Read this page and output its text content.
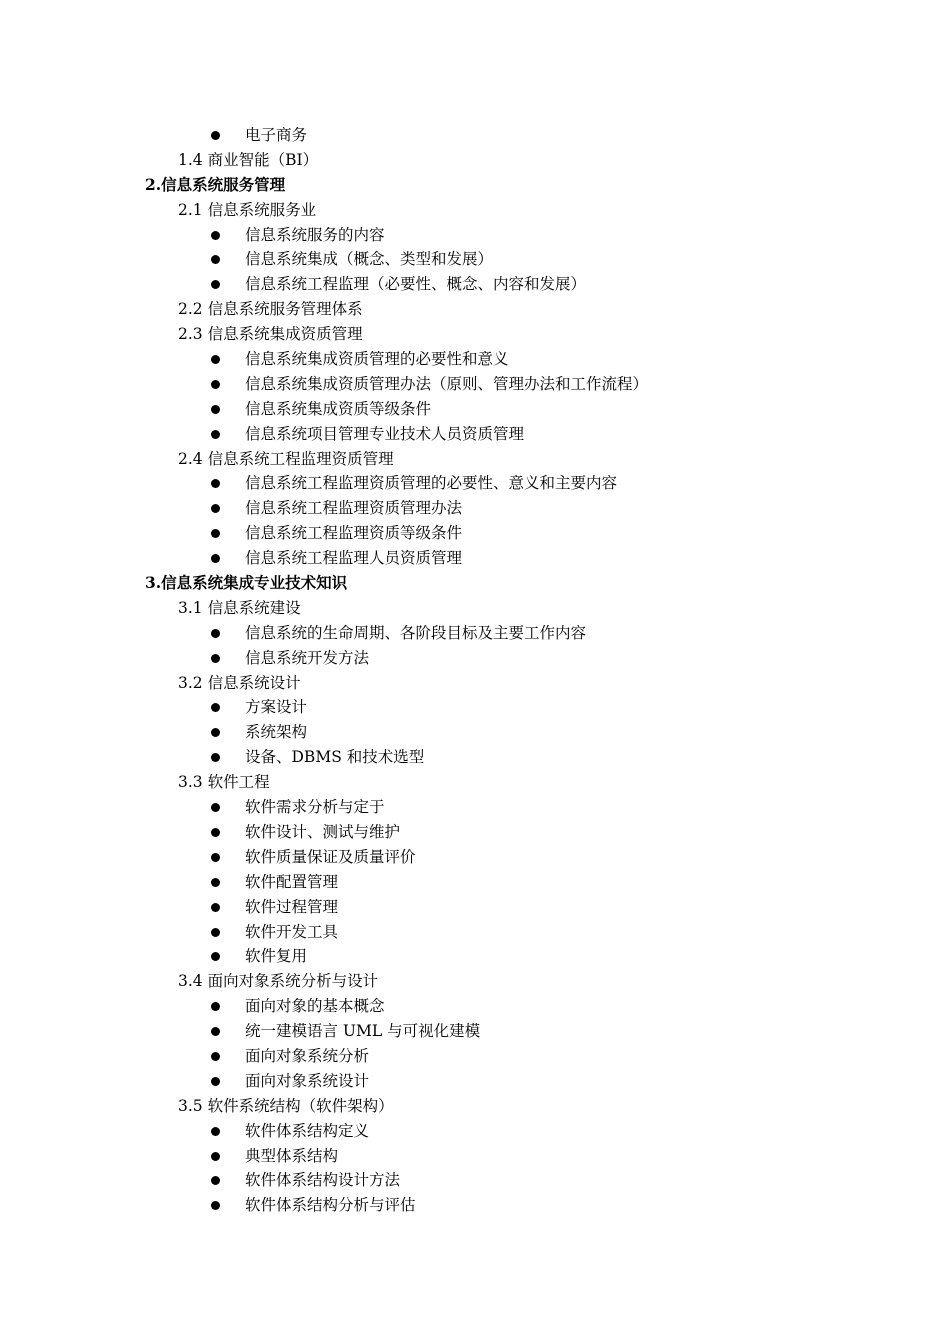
电子商务
1.4 商业智能（BI）
2.信息系统服务管理
2.1 信息系统服务业
信息系统服务的内容
信息系统集成（概念、类型和发展）
信息系统工程监理（必要性、概念、内容和发展）
2.2 信息系统服务管理体系
2.3 信息系统集成资质管理
信息系统集成资质管理的必要性和意义
信息系统集成资质管理办法（原则、管理办法和工作流程）
信息系统集成资质等级条件
信息系统项目管理专业技术人员资质管理
2.4 信息系统工程监理资质管理
信息系统工程监理资质管理的必要性、意义和主要内容
信息系统工程监理资质管理办法
信息系统工程监理资质等级条件
信息系统工程监理人员资质管理
3.信息系统集成专业技术知识
3.1 信息系统建设
信息系统的生命周期、各阶段目标及主要工作内容
信息系统开发方法
3.2 信息系统设计
方案设计
系统架构
设备、DBMS 和技术选型
3.3 软件工程
软件需求分析与定于
软件设计、测试与维护
软件质量保证及质量评价
软件配置管理
软件过程管理
软件开发工具
软件复用
3.4 面向对象系统分析与设计
面向对象的基本概念
统一建模语言 UML 与可视化建模
面向对象系统分析
面向对象系统设计
3.5 软件系统结构（软件架构）
软件体系结构定义
典型体系结构
软件体系结构设计方法
软件体系结构分析与评估
